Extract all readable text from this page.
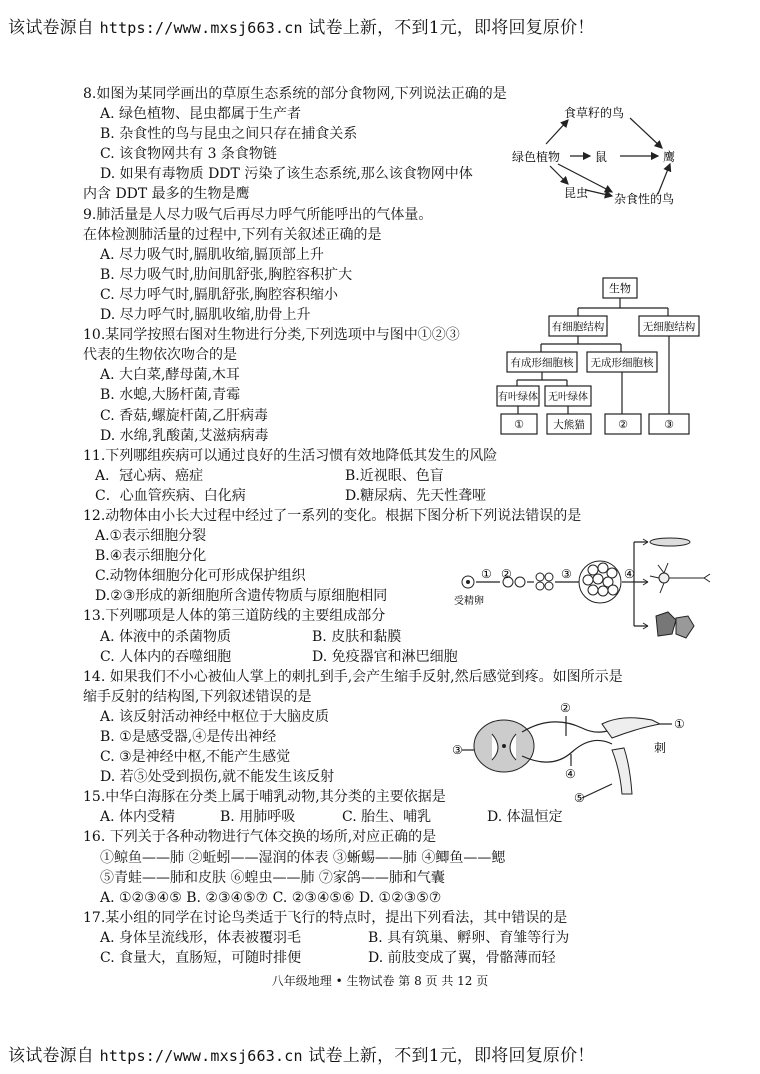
该试卷源自 https://www.mxsj663.cn 试卷上新，不到1元，即将回复原价！
8.如图为某同学画出的草原生态系统的部分食物网,下列说法正确的是
A. 绿色植物、昆虫都属于生产者
B. 杂食性的鸟与昆虫之间只存在捕食关系
C. 该食物网共有 3 条食物链
D. 如果有毒物质 DDT 污染了该生态系统,那么该食物网中体
内含 DDT 最多的生物是鹰
9.肺活量是人尽力吸气后再尽力呼气所能呼出的气体量。
在体检测肺活量的过程中,下列有关叙述正确的是
A. 尽力吸气时,膈肌收缩,膈顶部上升
B. 尽力吸气时,肋间肌舒张,胸腔容积扩大
C. 尽力呼气时,膈肌舒张,胸腔容积缩小
D. 尽力呼气时,膈肌收缩,肋骨上升
10.某同学按照右图对生物进行分类,下列选项中与图中①②③
代表的生物依次吻合的是
A. 大白菜,酵母菌,木耳
B. 水螅,大肠杆菌,青霉
C. 香菇,螺旋杆菌,乙肝病毒
D. 水绵,乳酸菌,艾滋病病毒
11.下列哪组疾病可以通过良好的生活习惯有效地降低其发生的风险
A．冠心病、癌症	B.近视眼、色盲
C．心血管疾病、白化病	D.糖尿病、先天性聋哑
12.动物体由小长大过程中经过了一系列的变化。根据下图分析下列说法错误的是
A.①表示细胞分裂
B.④表示细胞分化
C.动物体细胞分化可形成保护组织
D.②③形成的新细胞所含遗传物质与原细胞相同
13.下列哪项是人体的第三道防线的主要组成部分
A. 体液中的杀菌物质	B. 皮肤和黏膜
C. 人体内的吞噬细胞	D. 免疫器官和淋巴细胞
14. 如果我们不小心被仙人掌上的刺扎到手,会产生缩手反射,然后感觉到疼。如图所示是
缩手反射的结构图,下列叙述错误的是
A. 该反射活动神经中枢位于大脑皮质
B. ①是感受器,④是传出神经
C. ③是神经中枢,不能产生感觉
D. 若⑤处受到损伤,就不能发生该反射
15.中华白海豚在分类上属于哺乳动物,其分类的主要依据是
A. 体内受精	B. 用肺呼吸	C. 胎生、哺乳	D. 体温恒定
16. 下列关于各种动物进行气体交换的场所,对应正确的是
①鲸鱼——肺 ②蚯蚓——湿润的体表 ③蜥蜴——肺 ④鲫鱼——鳃
⑤青蛙——肺和皮肤 ⑥蝗虫——肺 ⑦家鸽——肺和气囊
A. ①②③④⑤ B. ②③④⑤⑦ C. ②③④⑤⑥ D. ①②③⑤⑦
17.某小组的同学在讨论鸟类适于飞行的特点时，提出下列看法，其中错误的是
A. 身体呈流线形，体表被覆羽毛	B. 具有筑巢、孵卵、育雏等行为
C. 食量大，直肠短，可随时排便	D. 前肢变成了翼，骨骼薄而轻
食草籽的鸟
绿色植物	鼠	鹰
昆虫 杂食性的鸟
生物
有细胞结构	无细胞结构
有成形细胞核 无成形细胞核
有叶绿体 无叶绿体
①	大熊猫	②	③
受精卵
① ②	③	④
③
②
④
①
刺
⑤
八年级地理 • 生物试卷 第 8 页 共 12 页
该试卷源自 https://www.mxsj663.cn 试卷上新，不到1元，即将回复原价！
